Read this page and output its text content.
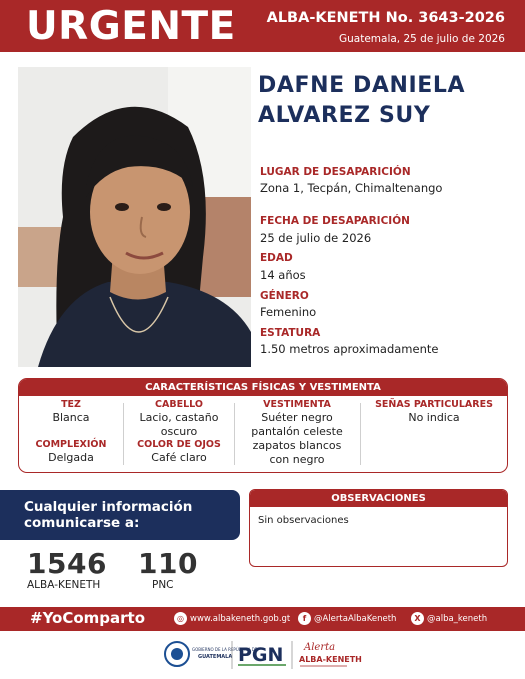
URGENTE ALBA-KENETH No. 3643-2026
Guatemala, 25 de julio de 2026
DAFNE DANIELA
ALVAREZ SUY
LUGAR DE DESAPARICIÓN
Zona 1, Tecpán, Chimaltenango
FECHA DE DESAPARICIÓN
25 de julio de 2026
EDAD
14 años
GÉNERO
Femenino
ESTATURA
1.50 metros aproximadamente
CARACTERÍSTICAS FÍSICAS Y VESTIMENTA
TEZ
Blanca
COMPLEXIÓN
Delgada
CABELLO
Lacio, castaño
oscuro
COLOR DE OJOS
Café claro
VESTIMENTA
Suéter negro
pantalón celeste
zapatos blancos
con negro
SEÑAS PARTICULARES
No indica
Cualquier información
comunicarse a:
1546
ALBA-KENETH
110
PNC
OBSERVACIONES
Sin observaciones
#YoComparto	◎ www.albakeneth.gob.gt	f @AlertaAlbaKeneth	X @alba_keneth
GOBIERNO DE LA REPÚBLICA DE
GUATEMALA PGN Alerta
ALBA-KENETH
